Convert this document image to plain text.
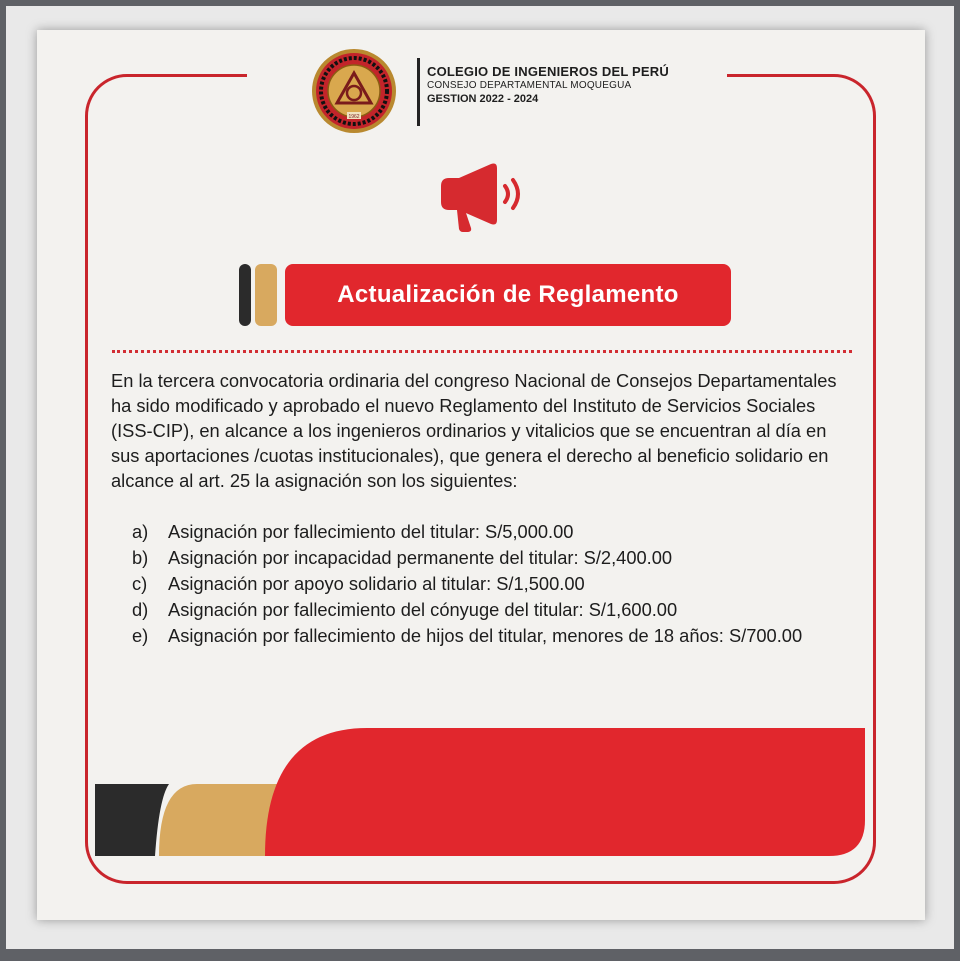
1962
COLEGIO DE INGENIEROS DEL PERÚ
CONSEJO DEPARTAMENTAL MOQUEGUA
GESTION 2022 - 2024
Actualización de Reglamento
En la tercera convocatoria ordinaria del congreso Nacional de Consejos Departamentales ha sido modificado y aprobado el nuevo Reglamento del Instituto de Servicios Sociales (ISS-CIP), en alcance a los ingenieros ordinarios y vitalicios que se encuentran al día en sus aportaciones /cuotas institucionales), que genera el derecho al beneficio solidario en alcance al art. 25 la asignación son los siguientes:
a)	Asignación por fallecimiento del titular: S/5,000.00
b)	Asignación por incapacidad permanente del titular: S/2,400.00
c)	Asignación por apoyo solidario al titular: S/1,500.00
d)	Asignación por fallecimiento del cónyuge del titular: S/1,600.00
e)	Asignación por fallecimiento de hijos del titular, menores de 18 años: S/700.00
